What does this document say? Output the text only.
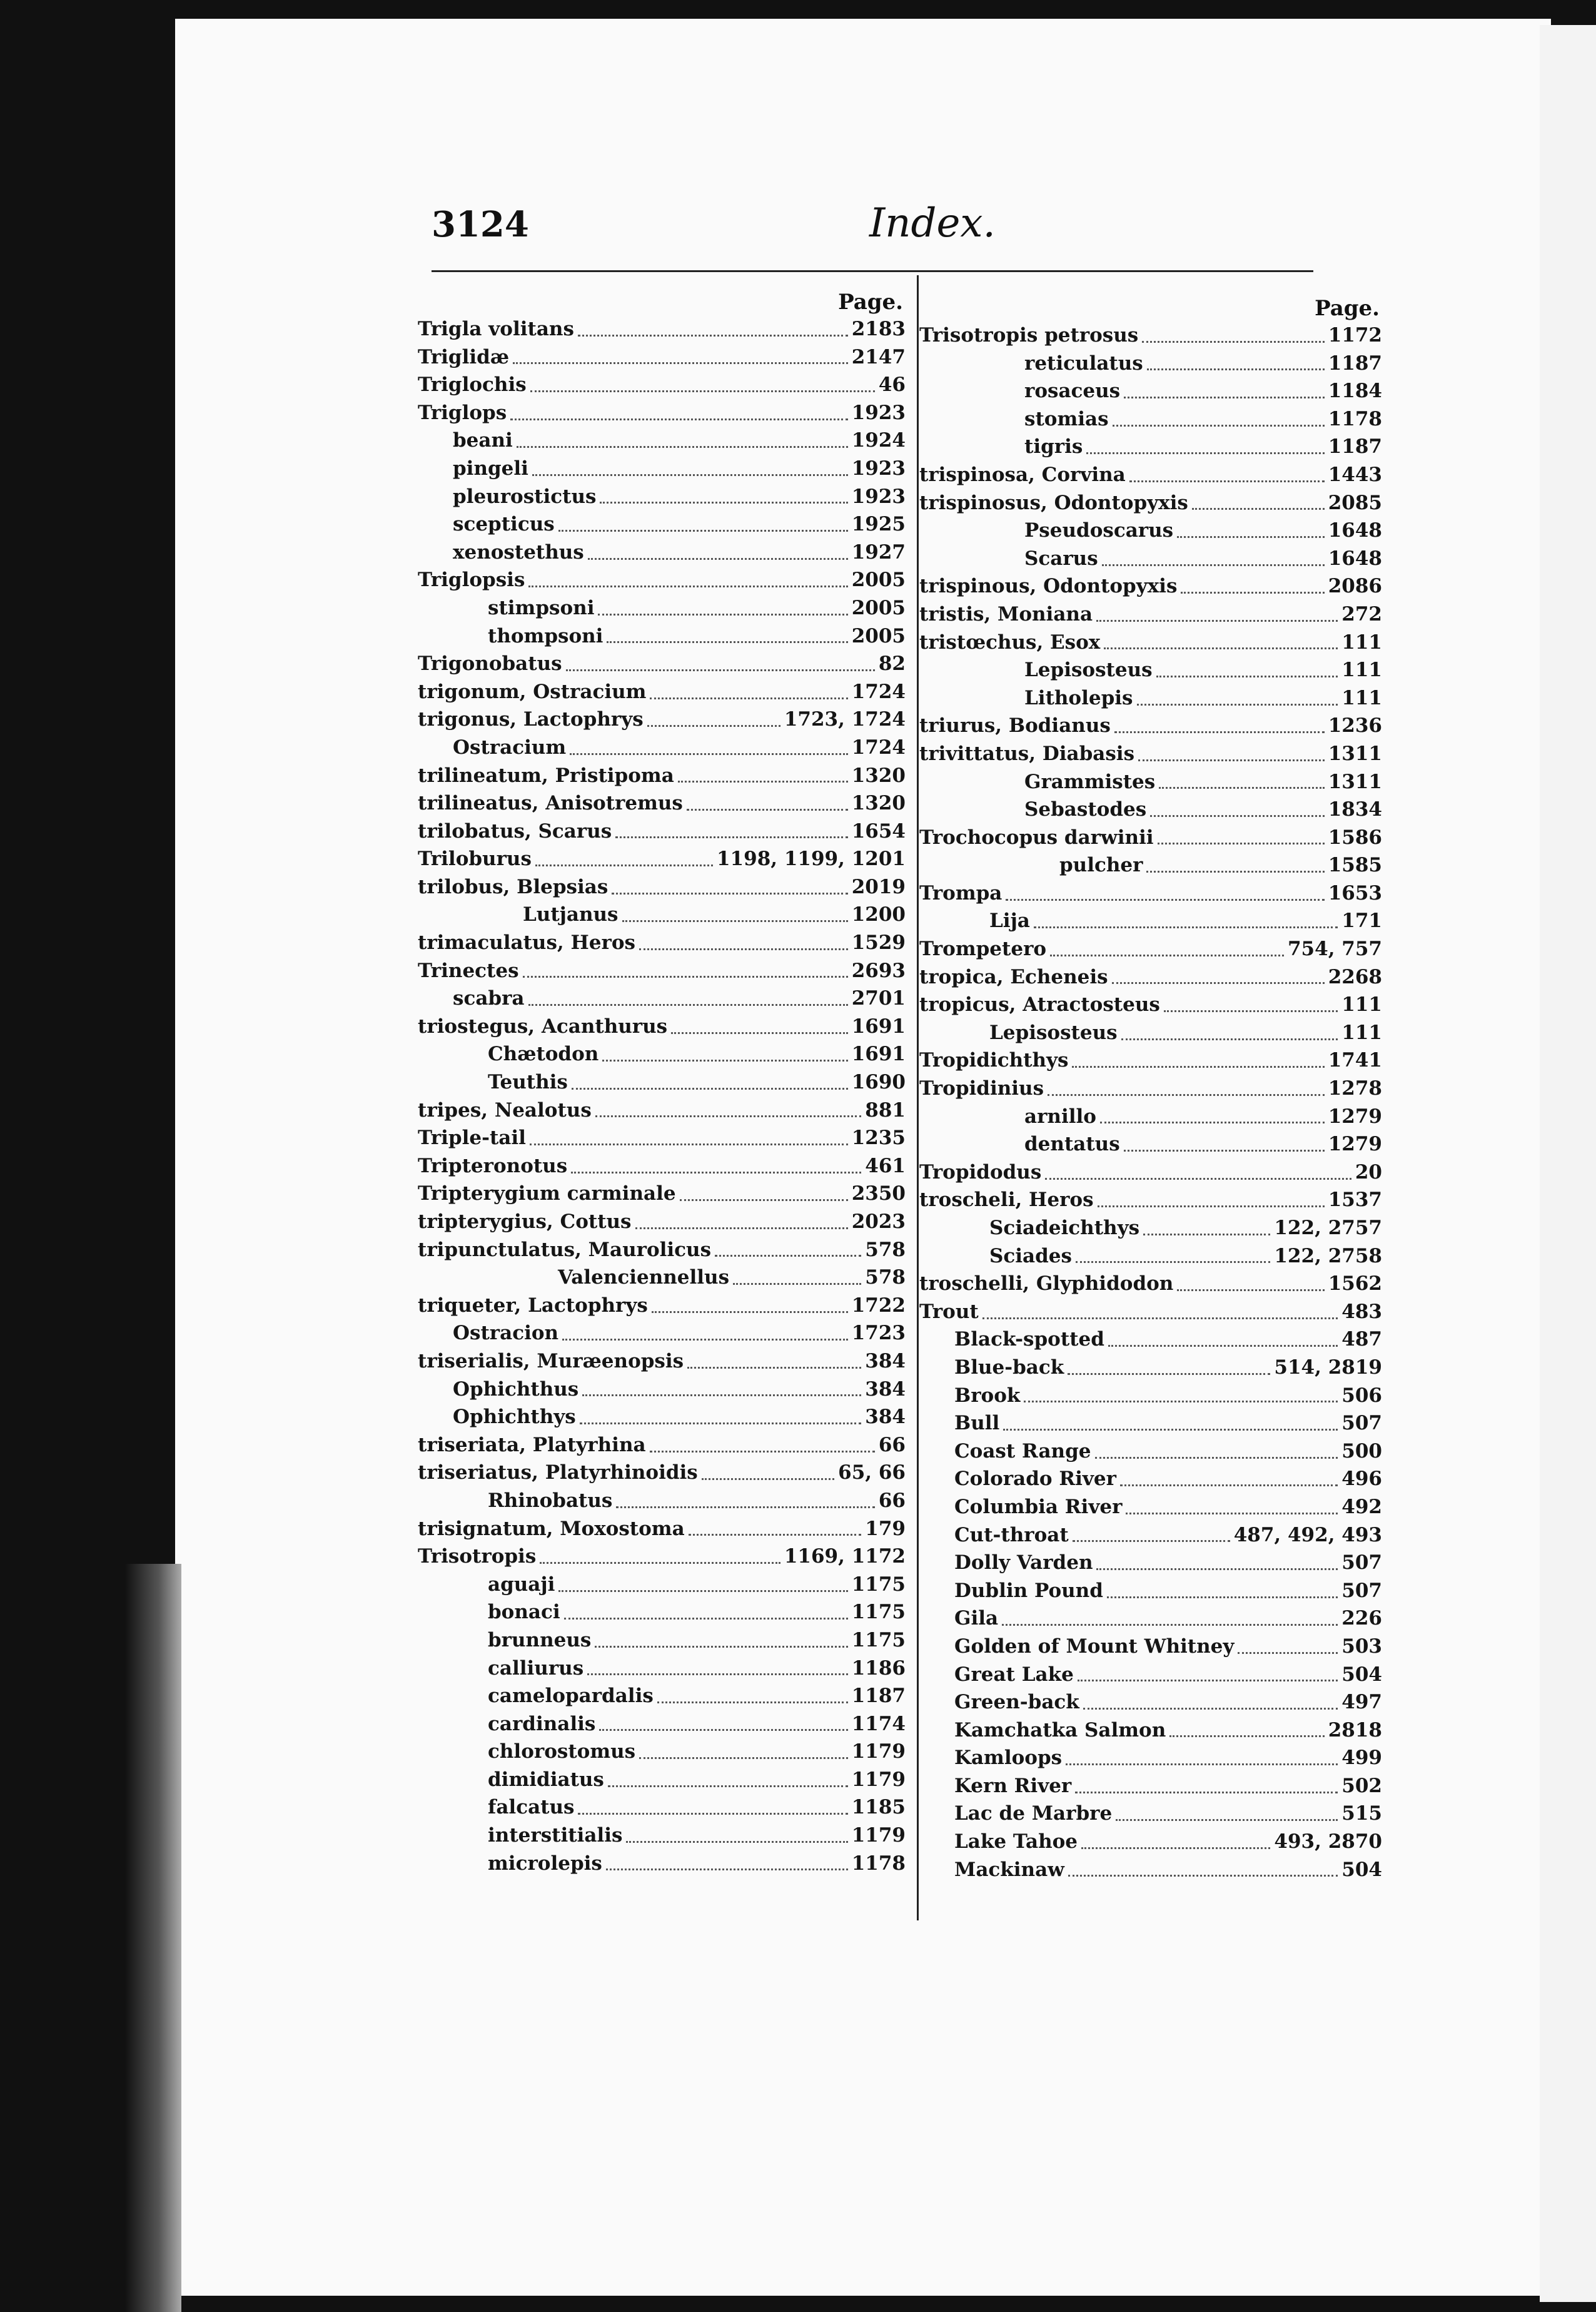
3124	Index.
Page.
Trigla volitans	2183
Triglidæ	2147
Triglochis	46
Triglops	1923
beani	1924
pingeli	1923
pleurostictus	1923
scepticus	1925
xenostethus	1927
Triglopsis	2005
stimpsoni	2005
thompsoni	2005
Trigonobatus	82
trigonum, Ostracium	1724
trigonus, Lactophrys	1723, 1724
Ostracium	1724
trilineatum, Pristipoma	1320
trilineatus, Anisotremus	1320
trilobatus, Scarus	1654
Triloburus	1198, 1199, 1201
trilobus, Blepsias	2019
Lutjanus	1200
trimaculatus, Heros	1529
Trinectes	2693
scabra	2701
triostegus, Acanthurus	1691
Chætodon	1691
Teuthis	1690
tripes, Nealotus	881
Triple-tail	1235
Tripteronotus	461
Tripterygium carminale	2350
tripterygius, Cottus	2023
tripunctulatus, Maurolicus	578
Valenciennellus	578
triqueter, Lactophrys	1722
Ostracion	1723
triserialis, Muræenopsis	384
Ophichthus	384
Ophichthys	384
triseriata, Platyrhina	66
triseriatus, Platyrhinoidis	65, 66
Rhinobatus	66
trisignatum, Moxostoma	179
Trisotropis	1169, 1172
aguaji	1175
bonaci	1175
brunneus	1175
calliurus	1186
camelopardalis	1187
cardinalis	1174
chlorostomus	1179
dimidiatus	1179
falcatus	1185
interstitialis	1179
microlepis	1178
Page.
Trisotropis petrosus	1172
reticulatus	1187
rosaceus	1184
stomias	1178
tigris	1187
trispinosa, Corvina	1443
trispinosus, Odontopyxis	2085
Pseudoscarus	1648
Scarus	1648
trispinous, Odontopyxis	2086
tristis, Moniana	272
tristœchus, Esox	111
Lepisosteus	111
Litholepis	111
triurus, Bodianus	1236
trivittatus, Diabasis	1311
Grammistes	1311
Sebastodes	1834
Trochocopus darwinii	1586
pulcher	1585
Trompa	1653
Lija	171
Trompetero	754, 757
tropica, Echeneis	2268
tropicus, Atractosteus	111
Lepisosteus	111
Tropidichthys	1741
Tropidinius	1278
arnillo	1279
dentatus	1279
Tropidodus	20
troscheli, Heros	1537
Sciadeichthys	122, 2757
Sciades	122, 2758
troschelli, Glyphidodon	1562
Trout	483
Black-spotted	487
Blue-back	514, 2819
Brook	506
Bull	507
Coast Range	500
Colorado River	496
Columbia River	492
Cut-throat	487, 492, 493
Dolly Varden	507
Dublin Pound	507
Gila	226
Golden of Mount Whitney	503
Great Lake	504
Green-back	497
Kamchatka Salmon	2818
Kamloops	499
Kern River	502
Lac de Marbre	515
Lake Tahoe	493, 2870
Mackinaw	504
